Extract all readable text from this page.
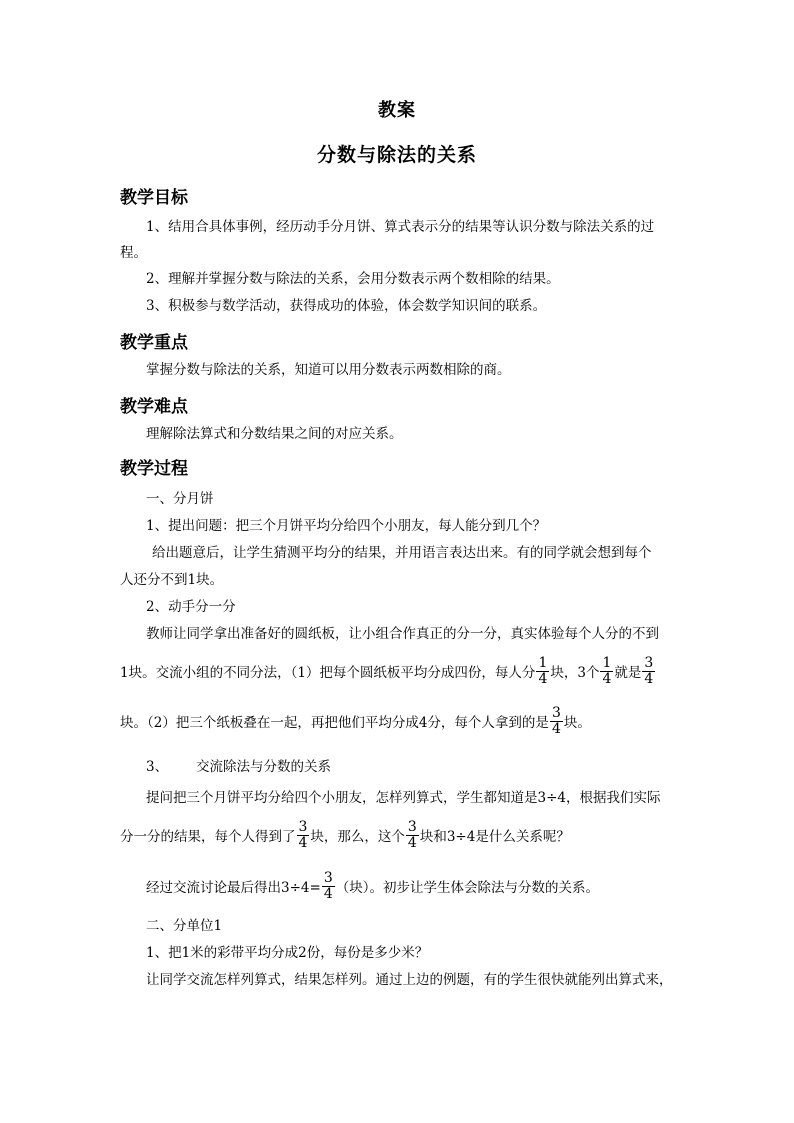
教案
分数与除法的关系
教学目标
1、结用合具体事例，经历动手分月饼、算式表示分的结果等认识分数与除法关系的过
程。
2、理解并掌握分数与除法的关系，会用分数表示两个数相除的结果。
3、积极参与数学活动，获得成功的体验，体会数学知识间的联系。
教学重点
掌握分数与除法的关系，知道可以用分数表示两数相除的商。
教学难点
理解除法算式和分数结果之间的对应关系。
教学过程
一、分月饼
1、提出问题：把三个月饼平均分给四个小朋友，每人能分到几个？
给出题意后，让学生猜测平均分的结果，并用语言表达出来。有的同学就会想到每个
人还分不到1块。
2、动手分一分
教师让同学拿出准备好的圆纸板，让小组合作真正的分一分，真实体验每个人分的不到
1块。交流小组的不同分法，（1）把每个圆纸板平均分成四份，每人分 $\frac{1}{4}$ 块，3个 $\frac{1}{4}$ 就是 $\frac{3}{4}$
块。（2）把三个纸板叠在一起，再把他们平均分成4分，每个人拿到的是 $\frac{3}{4}$ 块。
3、 交流除法与分数的关系
提问把三个月饼平均分给四个小朋友，怎样列算式，学生都知道是3÷4，根据我们实际
分一分的结果，每个人得到了 $\frac{3}{4}$ 块，那么，这个 $\frac{3}{4}$ 块和3÷4是什么关系呢？
经过交流讨论最后得出$3\div 4= \frac{3}{4}$ （块）。初步让学生体会除法与分数的关系。
二、分单位1
1、把1米的彩带平均分成2份，每份是多少米？
让同学交流怎样列算式，结果怎样列。通过上边的例题，有的学生很快就能列出算式来，
